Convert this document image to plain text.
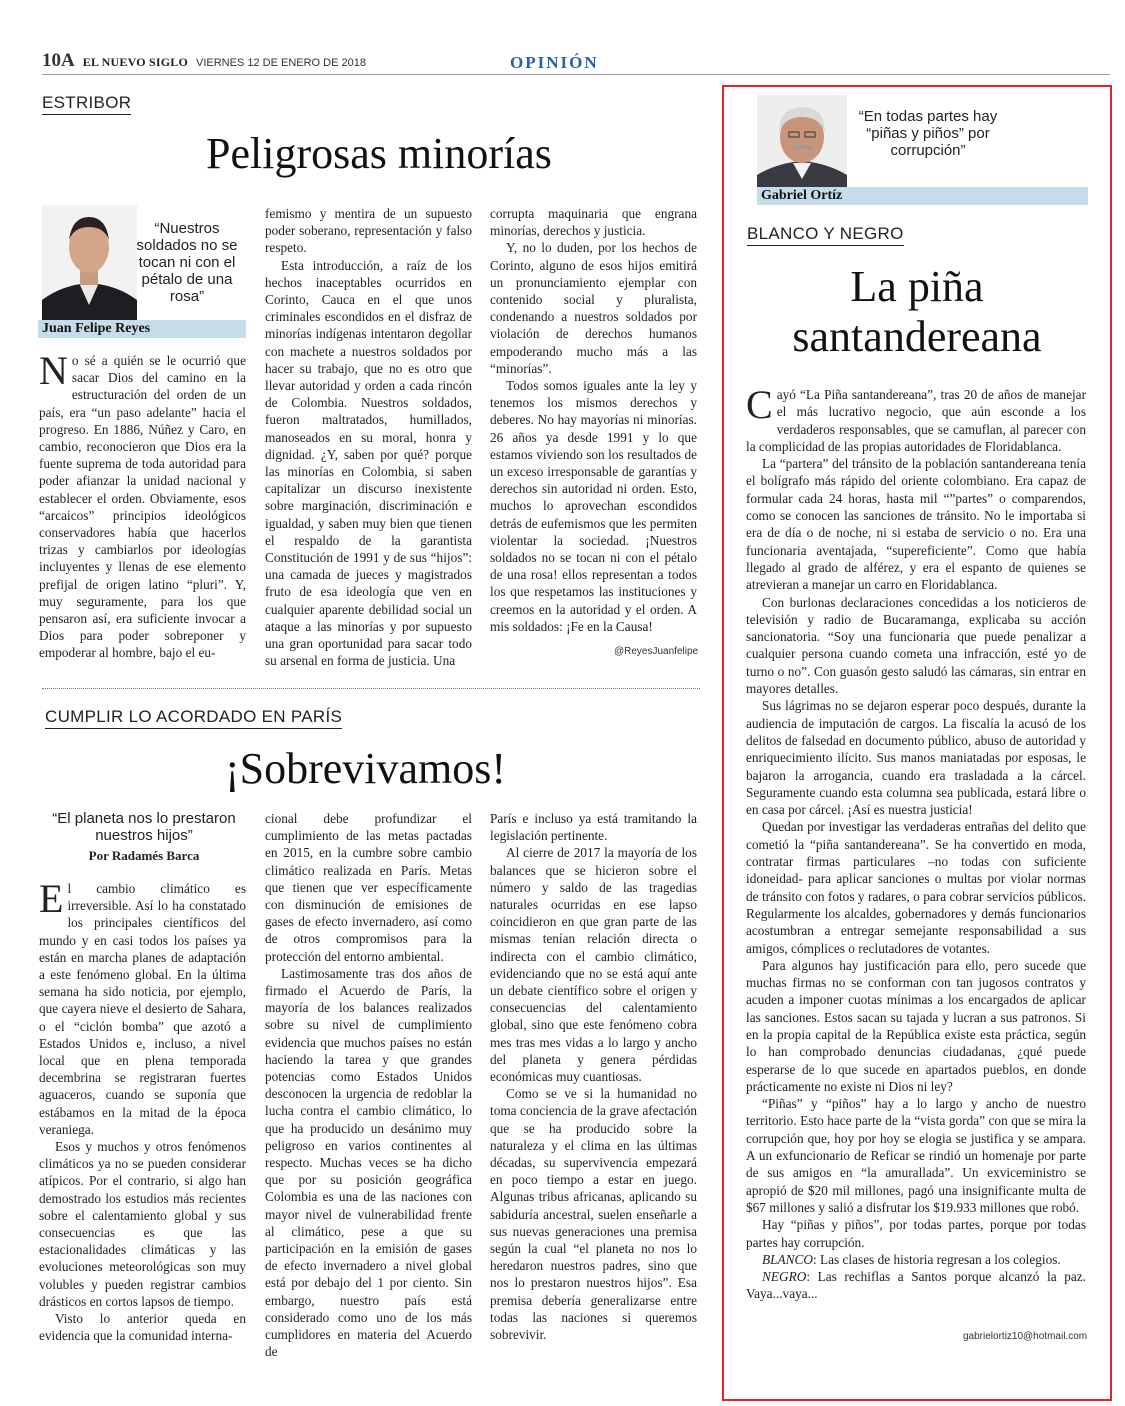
10A EL NUEVO SIGLO VIERNES 12 DE ENERO DE 2018	OPINIÓN
ESTRIBOR
Peligrosas minorías
“Nuestros soldados no se tocan ni con el pétalo de una rosa”
Juan Felipe Reyes

No sé a quién se le ocurrió que sacar Dios del camino en la estructuración del orden de un país, era “un paso adelante” hacia el progreso. En 1886, Núñez y Caro, en cambio, reconocieron que Dios era la fuente suprema de toda autoridad para poder afianzar la unidad nacional y establecer el orden. Obviamente, esos “arcaicos” principios ideológicos conservadores había que hacerlos trizas y cambiarlos por ideologías incluyentes y llenas de ese elemento prefijal de origen latino “pluri”. Y, muy seguramente, para los que pensaron así, era suficiente invocar a Dios para poder sobreponer y empoderar al hombre, bajo el eu-

femismo y mentira de un supuesto poder soberano, representación y falso respeto.

Esta introducción, a raíz de los hechos inaceptables ocurridos en Corinto, Cauca en el que unos criminales escondidos en el disfraz de minorías indígenas intentaron degollar con machete a nuestros soldados por hacer su trabajo, que no es otro que llevar autoridad y orden a cada rincón de Colombia. Nuestros soldados, fueron maltratados, humillados, manoseados en su moral, honra y dignidad. ¿Y, saben por qué? porque las minorías en Colombia, si saben capitalizar un discurso inexistente sobre marginación, discriminación e igualdad, y saben muy bien que tienen el respaldo de la garantista Constitución de 1991 y de sus “hijos”: una camada de jueces y magistrados fruto de esa ideología que ven en cualquier aparente debilidad social un ataque a las minorías y por supuesto una gran oportunidad para sacar todo su arsenal en forma de justicia. Una

corrupta maquinaria que engrana minorías, derechos y justicia.

Y, no lo duden, por los hechos de Corinto, alguno de esos hijos emitirá un pronunciamiento ejemplar con contenido social y pluralista, condenando a nuestros soldados por violación de derechos humanos empoderando mucho más a las “minorías”.

Todos somos iguales ante la ley y tenemos los mismos derechos y deberes. No hay mayorías ni minorías. 26 años ya desde 1991 y lo que estamos viviendo son los resultados de un exceso irresponsable de garantías y derechos sin autoridad ni orden. Esto, muchos lo aprovechan escondidos detrás de eufemismos que les permiten violentar la sociedad. ¡Nuestros soldados no se tocan ni con el pétalo de una rosa! ellos representan a todos los que respetamos las instituciones y creemos en la autoridad y el orden. A mis soldados: ¡Fe en la Causa!

@ReyesJuanfelipe
CUMPLIR LO ACORDADO EN PARÍS
¡Sobrevivamos!
“El planeta nos lo prestaron nuestros hijos”
Por Radamés Barca

El cambio climático es irreversible. Así lo ha constatado los principales científicos del mundo y en casi todos los países ya están en marcha planes de adaptación a este fenómeno global. En la última semana ha sido noticia, por ejemplo, que cayera nieve el desierto de Sahara, o el “ciclón bomba” que azotó a Estados Unidos e, incluso, a nivel local que en plena temporada decembrina se registraran fuertes aguaceros, cuando se suponía que estábamos en la mitad de la época veraniega.

Esos y muchos y otros fenómenos climáticos ya no se pueden considerar atípicos. Por el contrario, si algo han demostrado los estudios más recientes sobre el calentamiento global y sus consecuencias es que las estacionalidades climáticas y las evoluciones meteorológicas son muy volubles y pueden registrar cambios drásticos en cortos lapsos de tiempo.

Visto lo anterior queda en evidencia que la comunidad interna-

cional debe profundizar el cumplimiento de las metas pactadas en 2015, en la cumbre sobre cambio climático realizada en París. Metas que tienen que ver específicamente con disminución de emisiones de gases de efecto invernadero, así como de otros compromisos para la protección del entorno ambiental.

Lastimosamente tras dos años de firmado el Acuerdo de París, la mayoría de los balances realizados sobre su nivel de cumplimiento evidencia que muchos países no están haciendo la tarea y que grandes potencias como Estados Unidos desconocen la urgencia de redoblar la lucha contra el cambio climático, lo que ha producido un desánimo muy peligroso en varios continentes al respecto. Muchas veces se ha dicho que por su posición geográfica Colombia es una de las naciones con mayor nivel de vulnerabilidad frente al climático, pese a que su participación en la emisión de gases de efecto invernadero a nivel global está por debajo del 1 por ciento. Sin embargo, nuestro país está considerado como uno de los más cumplidores en materia del Acuerdo de

París e incluso ya está tramitando la legislación pertinente.

Al cierre de 2017 la mayoría de los balances que se hicieron sobre el número y saldo de las tragedias naturales ocurridas en ese lapso coincidieron en que gran parte de las mismas tenían relación directa o indirecta con el cambio climático, evidenciando que no se está aquí ante un debate científico sobre el origen y consecuencias del calentamiento global, sino que este fenómeno cobra mes tras mes vidas a lo largo y ancho del planeta y genera pérdidas económicas muy cuantiosas.

Como se ve si la humanidad no toma conciencia de la grave afectación que se ha producido sobre la naturaleza y el clima en las últimas décadas, su supervivencia empezará en poco tiempo a estar en juego. Algunas tribus africanas, aplicando su sabiduría ancestral, suelen enseñarle a sus nuevas generaciones una premisa según la cual “el planeta no nos lo heredaron nuestros padres, sino que nos lo prestaron nuestros hijos”. Esa premisa debería generalizarse entre todas las naciones si queremos sobrevivir.

“En todas partes hay “piñas y piños” por corrupción”
Gabriel Ortíz
BLANCO Y NEGRO
La piña
santandereana

Cayó “La Piña santandereana”, tras 20 de años de manejar el más lucrativo negocio, que aún esconde a los verdaderos responsables, que se camuflan, al parecer con la complicidad de las propias autoridades de Floridablanca.

La “partera” del tránsito de la población santandereana tenía el bolígrafo más rápido del oriente colombiano. Era capaz de formular cada 24 horas, hasta mil “”partes” o comparendos, como se conocen las sanciones de tránsito. No le importaba si era de día o de noche, ni si estaba de servicio o no. Era una funcionaria aventajada, “supereficiente”. Como que había llegado al grado de alférez, y era el espanto de quienes se atrevieran a manejar un carro en Floridablanca.

Con burlonas declaraciones concedidas a los noticieros de televisión y radio de Bucaramanga, explicaba su acción sancionatoria. “Soy una funcionaria que puede penalizar a cualquier persona cuando cometa una infracción, esté yo de turno o no”. Con guasón gesto saludó las cámaras, sin entrar en mayores detalles.

Sus lágrimas no se dejaron esperar poco después, durante la audiencia de imputación de cargos. La fiscalía la acusó de los delitos de falsedad en documento público, abuso de autoridad y enriquecimiento ilícito. Sus manos maniatadas por esposas, le bajaron la arrogancia, cuando era trasladada a la cárcel. Seguramente cuando esta columna sea publicada, estará libre o en casa por cárcel. ¡Así es nuestra justicia!

Quedan por investigar las verdaderas entrañas del delito que cometió la “piña santandereana”. Se ha convertido en moda, contratar firmas particulares –no todas con suficiente idoneidad- para aplicar sanciones o multas por violar normas de tránsito con fotos y radares, o para cobrar servicios públicos. Regularmente los alcaldes, gobernadores y demás funcionarios acostumbran a entregar semejante responsabilidad a sus amigos, cómplices o reclutadores de votantes.

Para algunos hay justificación para ello, pero sucede que muchas firmas no se conforman con tan jugosos contratos y acuden a imponer cuotas mínimas a los encargados de aplicar las sanciones. Estos sacan su tajada y lucran a sus patronos. Si en la propia capital de la República existe esta práctica, según lo han comprobado denuncias ciudadanas, ¿qué puede esperarse de lo que sucede en apartados pueblos, en donde prácticamente no existe ni Dios ni ley?

“Piñas” y “piños” hay a lo largo y ancho de nuestro territorio. Esto hace parte de la “vista gorda” con que se mira la corrupción que, hoy por hoy se elogia se justifica y se ampara. A un exfuncionario de Reficar se rindió un homenaje por parte de sus amigos en “la amurallada”. Un exviceministro se apropió de $20 mil millones, pagó una insignificante multa de $67 millones y salió a disfrutar los $19.933 millones que robó.

Hay “piñas y piños”, por todas partes, porque por todas partes hay corrupción.

BLANCO: Las clases de historia regresan a los colegios.

NEGRO: Las rechiflas a Santos porque alcanzó la paz. Vaya...vaya...

gabrielortiz10@hotmail.com
